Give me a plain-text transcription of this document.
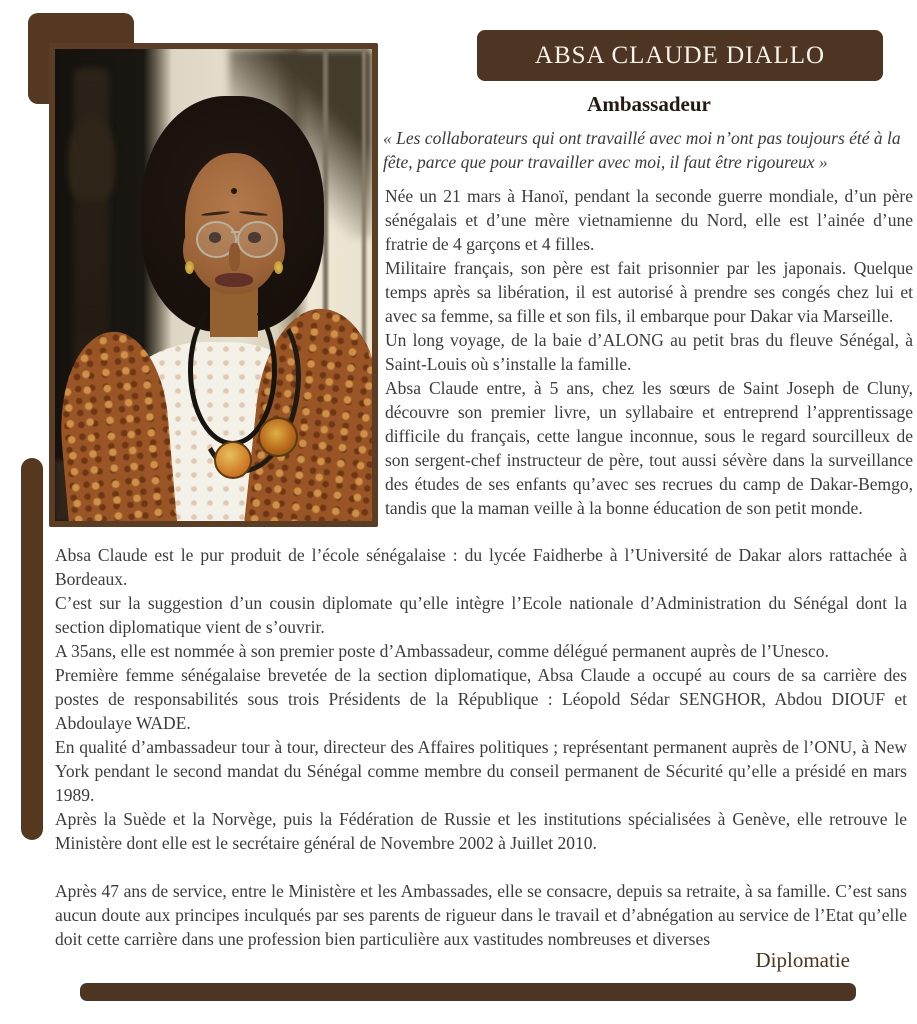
ABSA CLAUDE DIALLO
Ambassadeur
« Les collaborateurs qui ont travaillé avec moi n’ont pas toujours été à la fête, parce que pour travailler avec moi, il faut être rigoureux »

Née un 21 mars à Hanoï, pendant la seconde guerre mondiale, d’un père sénégalais et d’une mère vietnamienne du Nord, elle est l’ainée d’une fratrie de 4 garçons et 4 filles.

Militaire français, son père est fait prisonnier par les japonais. Quelque temps après sa libération, il est autorisé à prendre ses congés chez lui et avec sa femme, sa fille et son fils, il embarque pour Dakar via Marseille.

Un long voyage, de la baie d’ALONG au petit bras du fleuve Sénégal, à Saint-Louis où s’installe la famille.

Absa Claude entre, à 5 ans, chez les sœurs de Saint Joseph de Cluny, découvre son premier livre, un syllabaire et entreprend l’apprentissage difficile du français, cette langue inconnue, sous le regard sourcilleux de son sergent-chef instructeur de père, tout aussi sévère dans la surveillance des études de ses enfants qu’avec ses recrues du camp de Dakar-Bemgo, tandis que la maman veille à la bonne éducation de son petit monde.

Absa Claude est le pur produit de l’école sénégalaise : du lycée Faidherbe à l’Université de Dakar alors rattachée à Bordeaux.

C’est sur la suggestion d’un cousin diplomate qu’elle intègre l’Ecole nationale d’Administration du Sénégal dont la section diplomatique vient de s’ouvrir.

A 35ans, elle est nommée à son premier poste d’Ambassadeur, comme délégué permanent auprès de l’Unesco.

Première femme sénégalaise brevetée de la section diplomatique, Absa Claude a occupé au cours de sa carrière des postes de responsabilités sous trois Présidents de la République : Léopold Sédar SENGHOR, Abdou DIOUF et Abdoulaye WADE.

En qualité d’ambassadeur tour à tour, directeur des Affaires politiques ; représentant permanent auprès de l’ONU, à New York pendant le second mandat du Sénégal comme membre du conseil permanent de Sécurité qu’elle a présidé en mars 1989.

Après la Suède et la Norvège, puis la Fédération de Russie et les institutions spécialisées à Genève, elle retrouve le Ministère dont elle est le secrétaire général de Novembre 2002 à Juillet 2010.

Après 47 ans de service, entre le Ministère et les Ambassades, elle se consacre, depuis sa retraite, à sa famille. C’est sans aucun doute aux principes inculqués par ses parents de rigueur dans le travail et d’abnégation au service de l’Etat qu’elle doit cette carrière dans une profession bien particulière aux vastitudes nombreuses et diverses

Diplomatie
